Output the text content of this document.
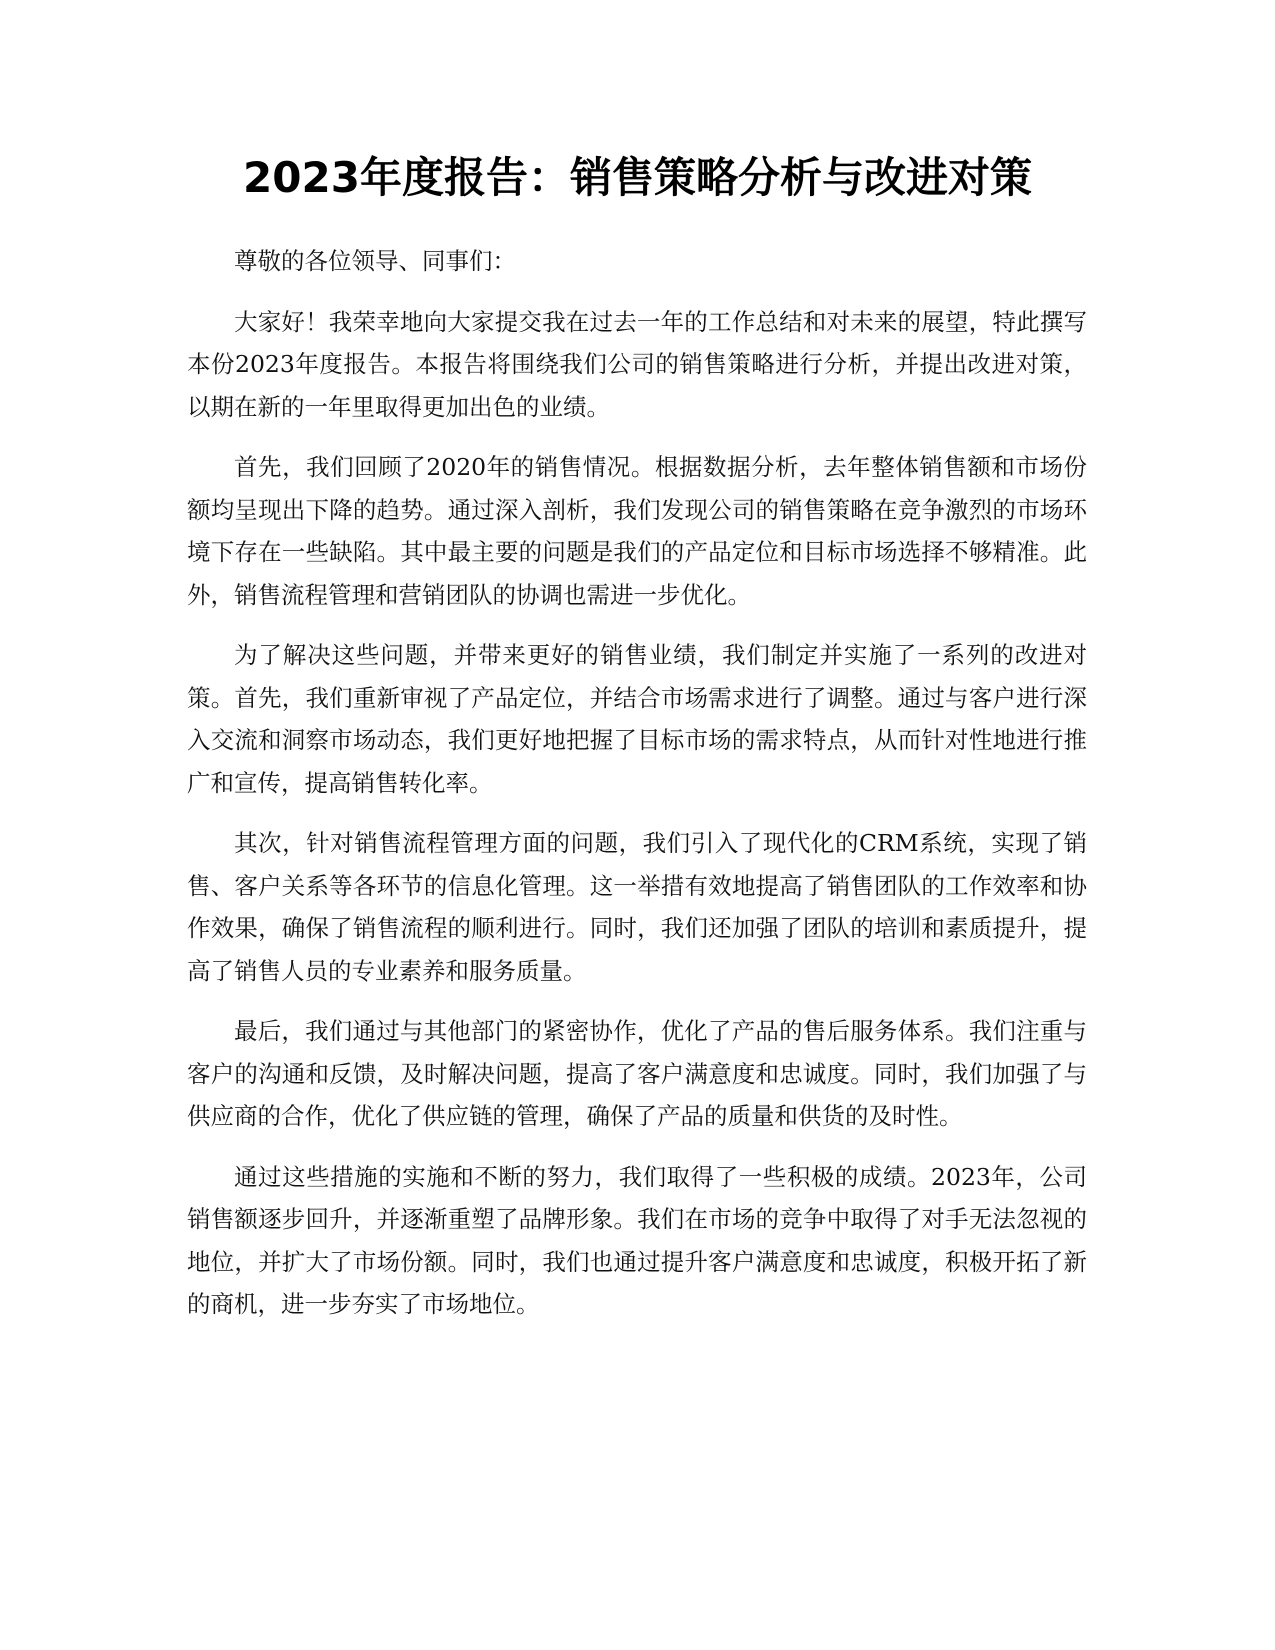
2023年度报告：销售策略分析与改进对策

尊敬的各位领导、同事们：

大家好！我荣幸地向大家提交我在过去一年的工作总结和对未来的展望，特此撰写本份2023年度报告。本报告将围绕我们公司的销售策略进行分析，并提出改进对策，以期在新的一年里取得更加出色的业绩。

首先，我们回顾了2020年的销售情况。根据数据分析，去年整体销售额和市场份额均呈现出下降的趋势。通过深入剖析，我们发现公司的销售策略在竞争激烈的市场环境下存在一些缺陷。其中最主要的问题是我们的产品定位和目标市场选择不够精准。此外，销售流程管理和营销团队的协调也需进一步优化。

为了解决这些问题，并带来更好的销售业绩，我们制定并实施了一系列的改进对策。首先，我们重新审视了产品定位，并结合市场需求进行了调整。通过与客户进行深入交流和洞察市场动态，我们更好地把握了目标市场的需求特点，从而针对性地进行推广和宣传，提高销售转化率。

其次，针对销售流程管理方面的问题，我们引入了现代化的CRM系统，实现了销售、客户关系等各环节的信息化管理。这一举措有效地提高了销售团队的工作效率和协作效果，确保了销售流程的顺利进行。同时，我们还加强了团队的培训和素质提升，提高了销售人员的专业素养和服务质量。

最后，我们通过与其他部门的紧密协作，优化了产品的售后服务体系。我们注重与客户的沟通和反馈，及时解决问题，提高了客户满意度和忠诚度。同时，我们加强了与供应商的合作，优化了供应链的管理，确保了产品的质量和供货的及时性。

通过这些措施的实施和不断的努力，我们取得了一些积极的成绩。2023年，公司销售额逐步回升，并逐渐重塑了品牌形象。我们在市场的竞争中取得了对手无法忽视的地位，并扩大了市场份额。同时，我们也通过提升客户满意度和忠诚度，积极开拓了新的商机，进一步夯实了市场地位。
